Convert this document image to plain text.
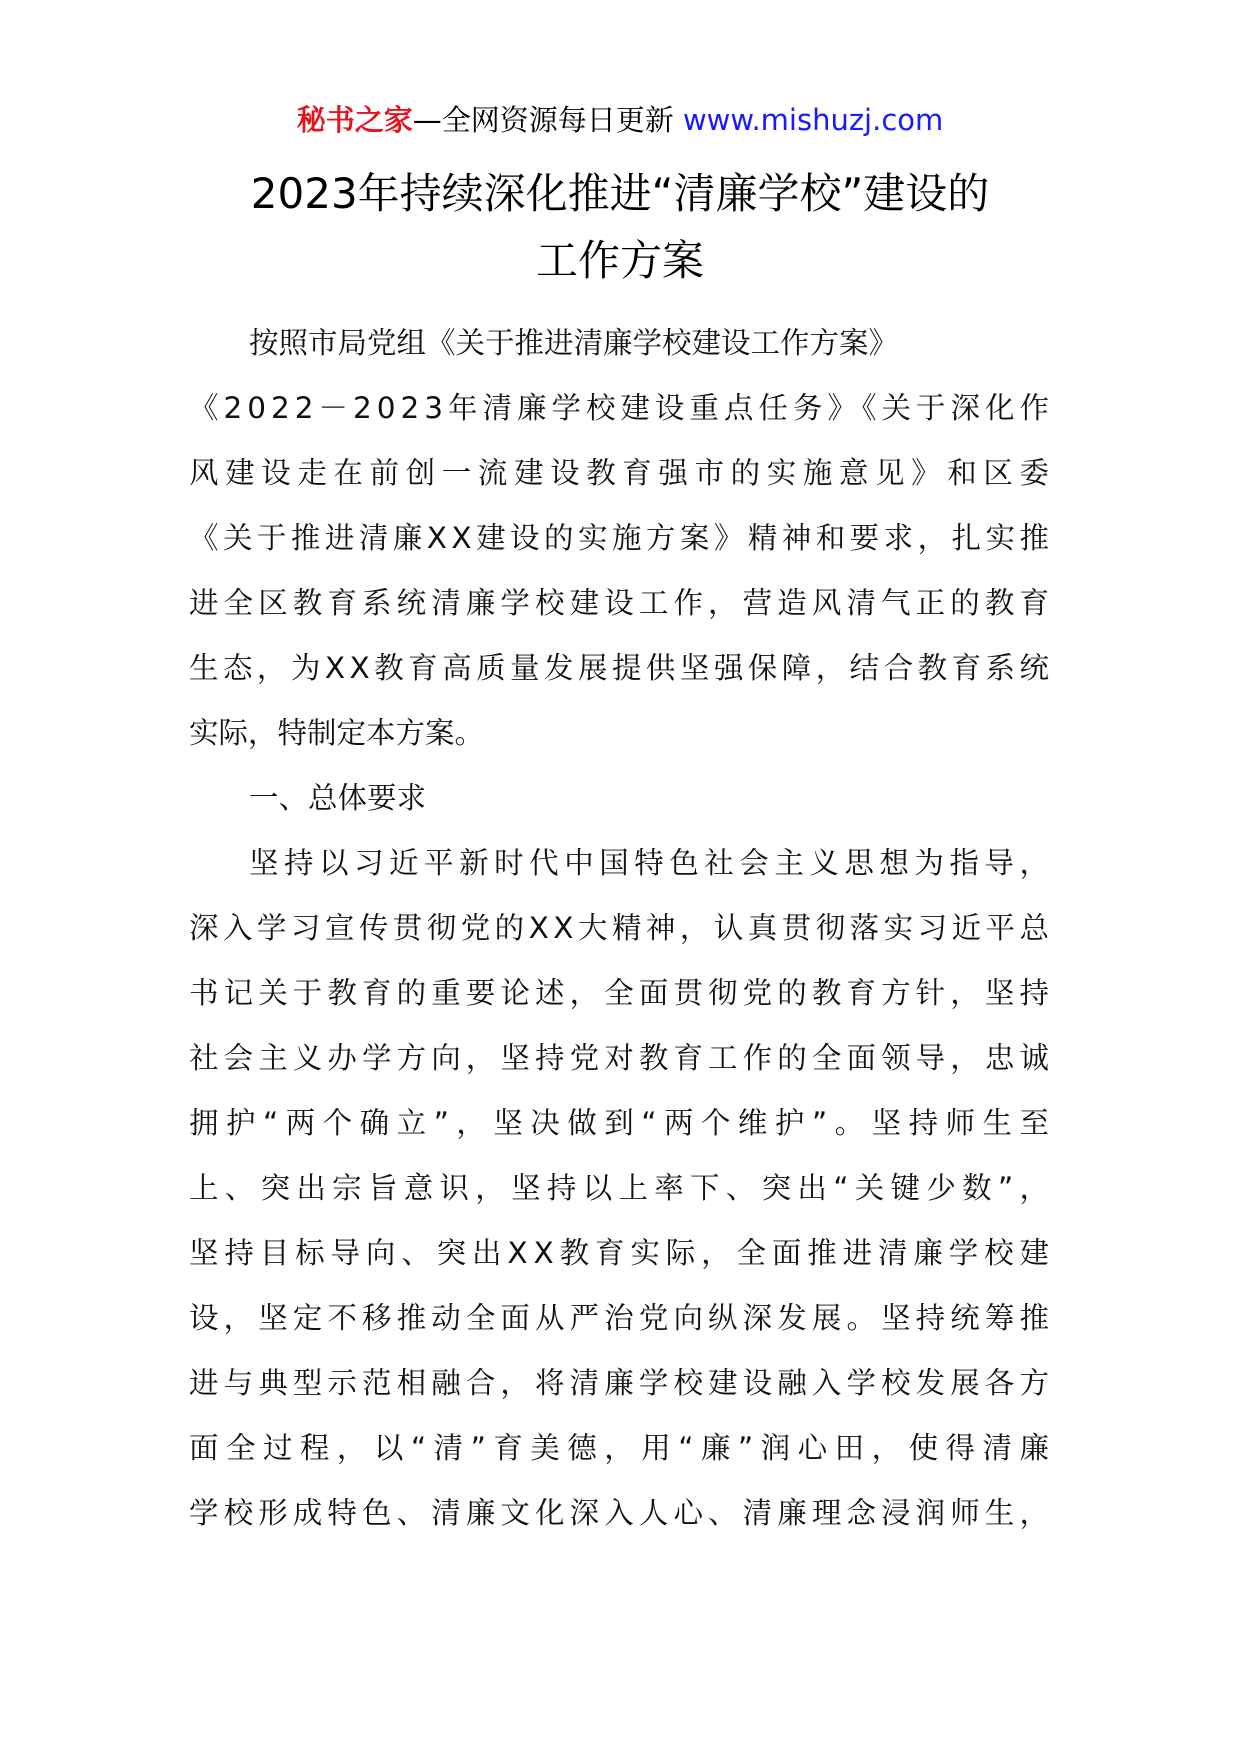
秘书之家—全网资源每日更新 www.mishuzj.com
2023年持续深化推进“清廉学校”建设的
工作方案
按照市局党组《关于推进清廉学校建设工作方案》
《2022－2023年清廉学校建设重点任务》《关于深化作
风建设走在前创一流建设教育强市的实施意见》和区委
《关于推进清廉XX建设的实施方案》精神和要求，扎实推
进全区教育系统清廉学校建设工作，营造风清气正的教育
生态，为XX教育高质量发展提供坚强保障，结合教育系统
实际，特制定本方案。
一、总体要求
坚持以习近平新时代中国特色社会主义思想为指导，
深入学习宣传贯彻党的XX大精神，认真贯彻落实习近平总
书记关于教育的重要论述，全面贯彻党的教育方针，坚持
社会主义办学方向，坚持党对教育工作的全面领导，忠诚
拥护“两个确立”，坚决做到“两个维护”。坚持师生至
上、突出宗旨意识，坚持以上率下、突出“关键少数”，
坚持目标导向、突出XX教育实际，全面推进清廉学校建
设，坚定不移推动全面从严治党向纵深发展。坚持统筹推
进与典型示范相融合，将清廉学校建设融入学校发展各方
面全过程，以“清”育美德，用“廉”润心田，使得清廉
学校形成特色、清廉文化深入人心、清廉理念浸润师生，
